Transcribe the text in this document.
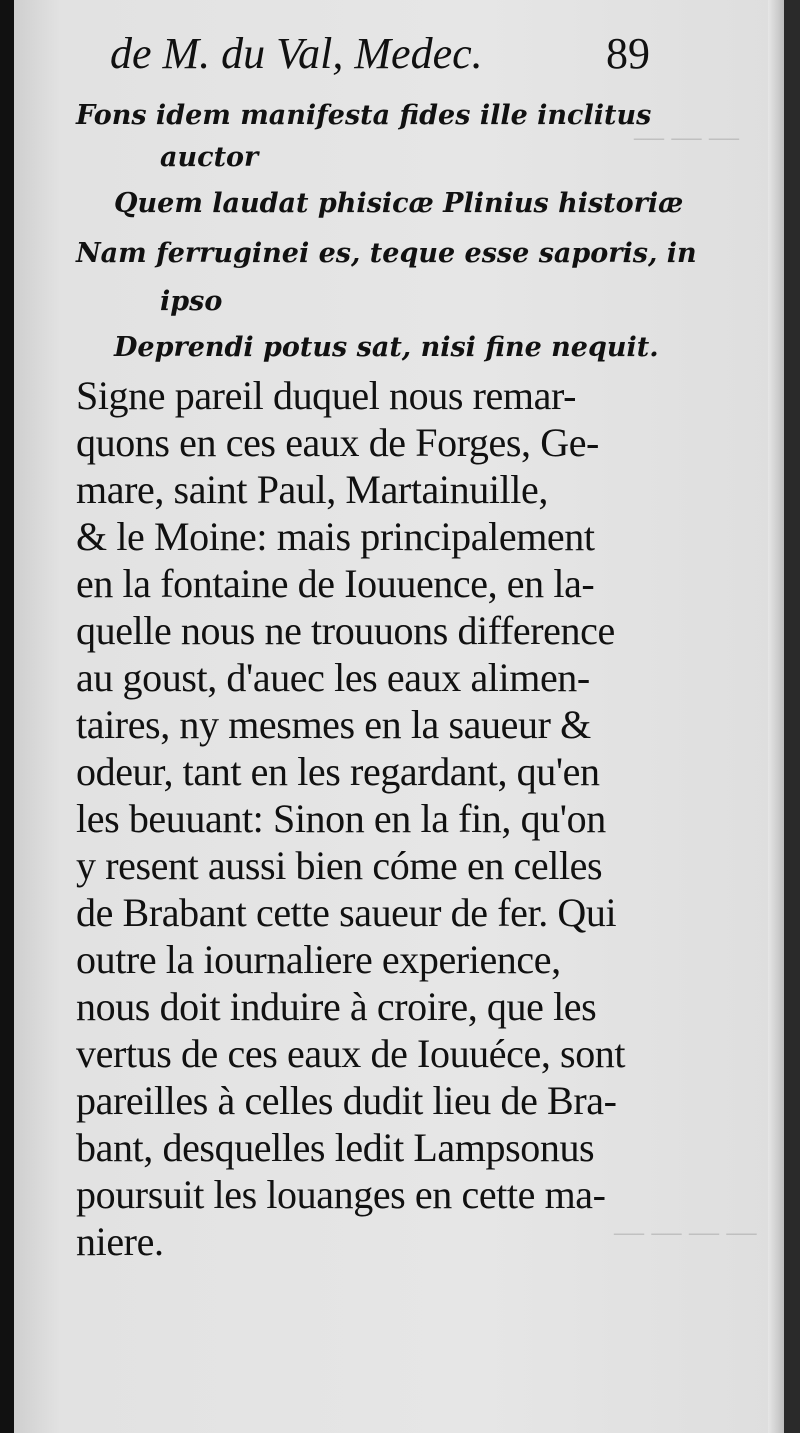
— — —
— — — —
de M. du Val, Medec.	89
Fons idem manifesta fides ille inclitus
auctor
Quem laudat phisicæ Plinius historiæ
Nam ferruginei es, teque esse saporis, in
ipso
Deprendi potus sat, nisi fine nequit.
Signe pareil duquel nous remar-
quons en ces eaux de Forges, Ge-
mare, saint Paul, Martainuille,
& le Moine: mais principalement
en la fontaine de Iouuence, en la-
quelle nous ne trouuons difference
au goust, d'auec les eaux alimen-
taires, ny mesmes en la saueur &
odeur, tant en les regardant, qu'en
les beuuant: Sinon en la fin, qu'on
y resent aussi bien cóme en celles
de Brabant cette saueur de fer. Qui
outre la iournaliere experience,
nous doit induire à croire, que les
vertus de ces eaux de Iouuéce, sont
pareilles à celles dudit lieu de Bra-
bant, desquelles ledit Lampsonus
poursuit les louanges en cette ma-
niere.
